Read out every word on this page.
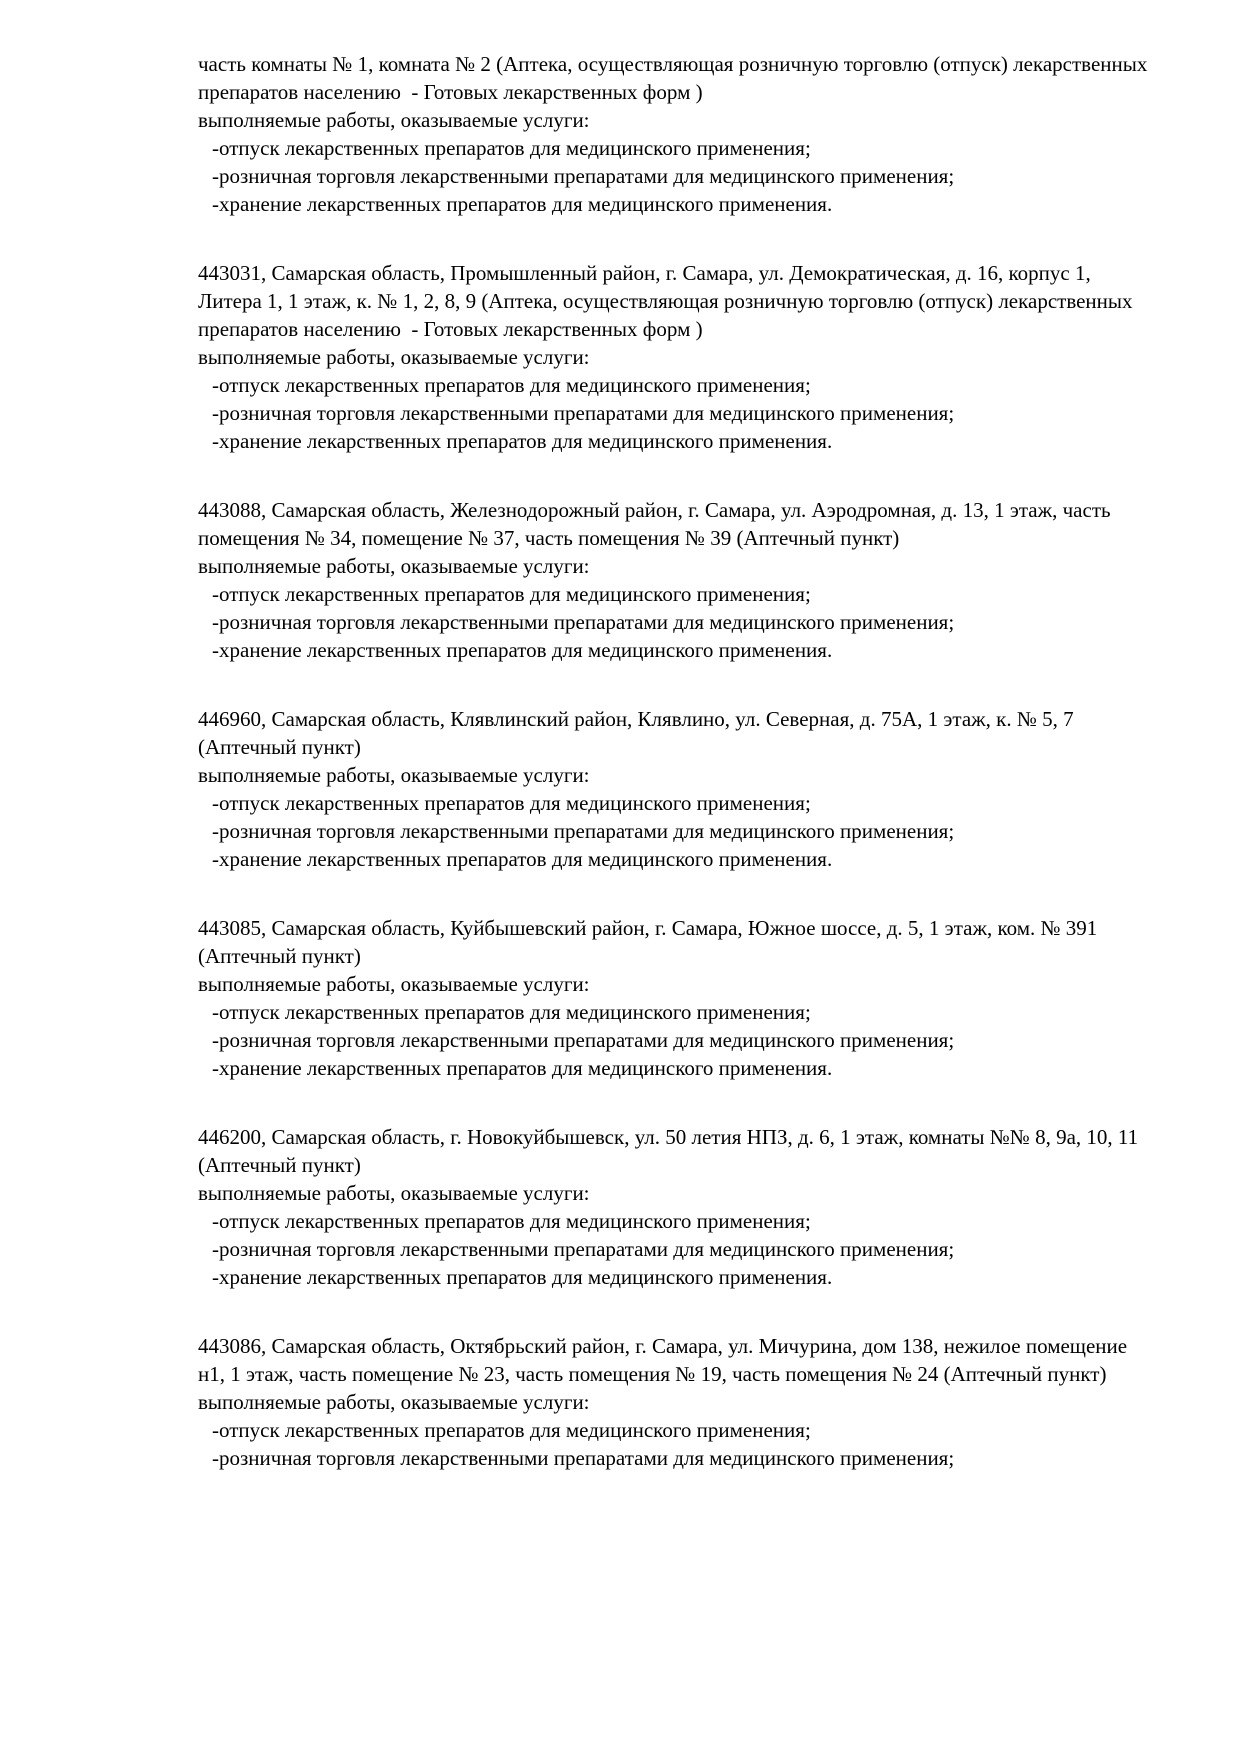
часть комнаты № 1, комната № 2 (Аптека, осуществляющая розничную торговлю (отпуск) лекарственных препаратов населению  - Готовых лекарственных форм )

выполняемые работы, оказываемые услуги:

-отпуск лекарственных препаратов для медицинского применения;

-розничная торговля лекарственными препаратами для медицинского применения;

-хранение лекарственных препаратов для медицинского применения.

443031, Самарская область, Промышленный район, г. Самара, ул. Демократическая, д. 16, корпус 1, Литера 1, 1 этаж, к. № 1, 2, 8, 9 (Аптека, осуществляющая розничную торговлю (отпуск) лекарственных препаратов населению  - Готовых лекарственных форм )

выполняемые работы, оказываемые услуги:

-отпуск лекарственных препаратов для медицинского применения;

-розничная торговля лекарственными препаратами для медицинского применения;

-хранение лекарственных препаратов для медицинского применения.

443088, Самарская область, Железнодорожный район, г. Самара, ул. Аэродромная, д. 13, 1 этаж, часть помещения № 34, помещение № 37, часть помещения № 39 (Аптечный пункт)

выполняемые работы, оказываемые услуги:

-отпуск лекарственных препаратов для медицинского применения;

-розничная торговля лекарственными препаратами для медицинского применения;

-хранение лекарственных препаратов для медицинского применения.

446960, Самарская область, Клявлинский район, Клявлино, ул. Северная, д. 75А, 1 этаж, к. № 5, 7 (Аптечный пункт)

выполняемые работы, оказываемые услуги:

-отпуск лекарственных препаратов для медицинского применения;

-розничная торговля лекарственными препаратами для медицинского применения;

-хранение лекарственных препаратов для медицинского применения.

443085, Самарская область, Куйбышевский район, г. Самара, Южное шоссе, д. 5, 1 этаж, ком. № 391 (Аптечный пункт)

выполняемые работы, оказываемые услуги:

-отпуск лекарственных препаратов для медицинского применения;

-розничная торговля лекарственными препаратами для медицинского применения;

-хранение лекарственных препаратов для медицинского применения.

446200, Самарская область, г. Новокуйбышевск, ул. 50 летия НПЗ, д. 6, 1 этаж, комнаты №№ 8, 9а, 10, 11 (Аптечный пункт)

выполняемые работы, оказываемые услуги:

-отпуск лекарственных препаратов для медицинского применения;

-розничная торговля лекарственными препаратами для медицинского применения;

-хранение лекарственных препаратов для медицинского применения.

443086, Самарская область, Октябрьский район, г. Самара, ул. Мичурина, дом 138, нежилое помещение н1, 1 этаж, часть помещение № 23, часть помещения № 19, часть помещения № 24 (Аптечный пункт)

выполняемые работы, оказываемые услуги:

-отпуск лекарственных препаратов для медицинского применения;

-розничная торговля лекарственными препаратами для медицинского применения;
